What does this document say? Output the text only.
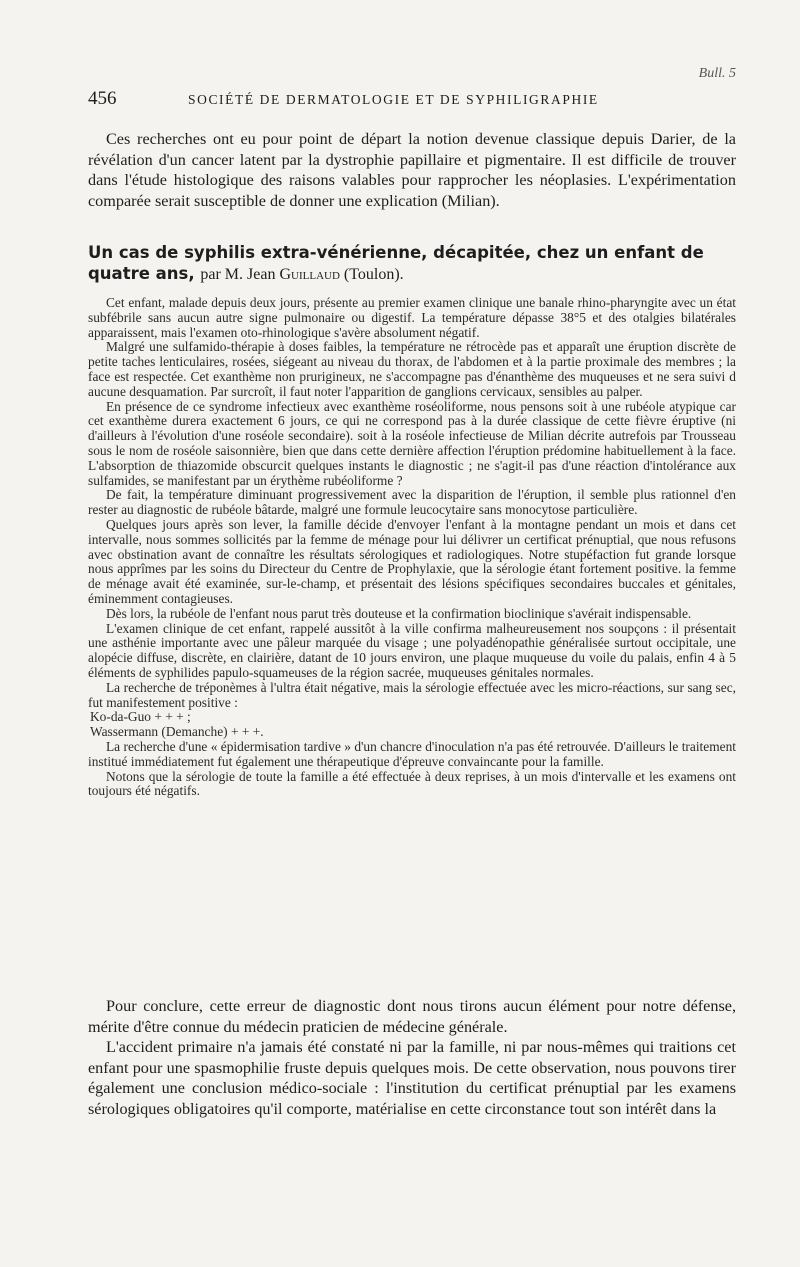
Bull. 5
456	SOCIÉTÉ DE DERMATOLOGIE ET DE SYPHILIGRAPHIE

Ces recherches ont eu pour point de départ la notion devenue classique depuis Darier, de la révélation d'un cancer latent par la dystrophie papillaire et pigmentaire. Il est difficile de trouver dans l'étude histologique des raisons valables pour rapprocher les néoplasies. L'expérimentation comparée serait susceptible de donner une explication (Milian).

Un cas de syphilis extra-vénérienne, décapitée, chez un enfant de quatre ans, par M. Jean Guillaud (Toulon).

Cet enfant, malade depuis deux jours, présente au premier examen clinique une banale rhino-pharyngite avec un état subfébrile sans aucun autre signe pulmonaire ou digestif. La température dépasse 38°5 et des otalgies bilatérales apparaissent, mais l'examen oto-rhinologique s'avère absolument négatif.

Malgré une sulfamido-thérapie à doses faibles, la température ne rétrocède pas et apparaît une éruption discrète de petite taches lenticulaires, rosées, siégeant au niveau du thorax, de l'abdomen et à la partie proximale des membres ; la face est respectée. Cet exanthème non prurigineux, ne s'accompagne pas d'énanthème des muqueuses et ne sera suivi d aucune desquamation. Par surcroît, il faut noter l'apparition de ganglions cervicaux, sensibles au palper.

En présence de ce syndrome infectieux avec exanthème roséoliforme, nous pensons soit à une rubéole atypique car cet exanthème durera exactement 6 jours, ce qui ne correspond pas à la durée classique de cette fièvre éruptive (ni d'ailleurs à l'évolution d'une roséole secondaire). soit à la roséole infectieuse de Milian décrite autrefois par Trousseau sous le nom de roséole saisonnière, bien que dans cette dernière affection l'éruption prédomine habituellement à la face. L'absorption de thiazomide obscurcit quelques instants le diagnostic ; ne s'agit-il pas d'une réaction d'intolérance aux sulfamides, se manifestant par un érythème rubéoliforme ?

De fait, la température diminuant progressivement avec la disparition de l'éruption, il semble plus rationnel d'en rester au diagnostic de rubéole bâtarde, malgré une formule leucocytaire sans monocytose particulière.

Quelques jours après son lever, la famille décide d'envoyer l'enfant à la montagne pendant un mois et dans cet intervalle, nous sommes sollicités par la femme de ménage pour lui délivrer un certificat prénuptial, que nous refusons avec obstination avant de connaître les résultats sérologiques et radiologiques. Notre stupéfaction fut grande lorsque nous apprîmes par les soins du Directeur du Centre de Prophylaxie, que la sérologie étant fortement positive. la femme de ménage avait été examinée, sur-le-champ, et présentait des lésions spécifiques secondaires buccales et génitales, éminemment contagieuses.

Dès lors, la rubéole de l'enfant nous parut très douteuse et la confirmation bioclinique s'avérait indispensable.

L'examen clinique de cet enfant, rappelé aussitôt à la ville confirma malheureusement nos soupçons : il présentait une asthénie importante avec une pâleur marquée du visage ; une polyadénopathie généralisée surtout occipitale, une alopécie diffuse, discrète, en clairière, datant de 10 jours environ, une plaque muqueuse du voile du palais, enfin 4 à 5 éléments de syphilides papulo-squameuses de la région sacrée, muqueuses génitales normales.

La recherche de tréponèmes à l'ultra était négative, mais la sérologie effectuée avec les micro-réactions, sur sang sec, fut manifestement positive :

Ko-da-Guo + + + ;

Wassermann (Demanche) + + +.

La recherche d'une « épidermisation tardive » d'un chancre d'inoculation n'a pas été retrouvée. D'ailleurs le traitement institué immédiatement fut également une thérapeutique d'épreuve convaincante pour la famille.

Notons que la sérologie de toute la famille a été effectuée à deux reprises, à un mois d'intervalle et les examens ont toujours été négatifs.

Pour conclure, cette erreur de diagnostic dont nous tirons aucun élément pour notre défense, mérite d'être connue du médecin praticien de médecine générale.

L'accident primaire n'a jamais été constaté ni par la famille, ni par nous-mêmes qui traitions cet enfant pour une spasmophilie fruste depuis quelques mois. De cette observation, nous pouvons tirer également une conclusion médico-sociale : l'institution du certificat prénuptial par les examens sérologiques obligatoires qu'il comporte, matérialise en cette circonstance tout son intérêt dans la
